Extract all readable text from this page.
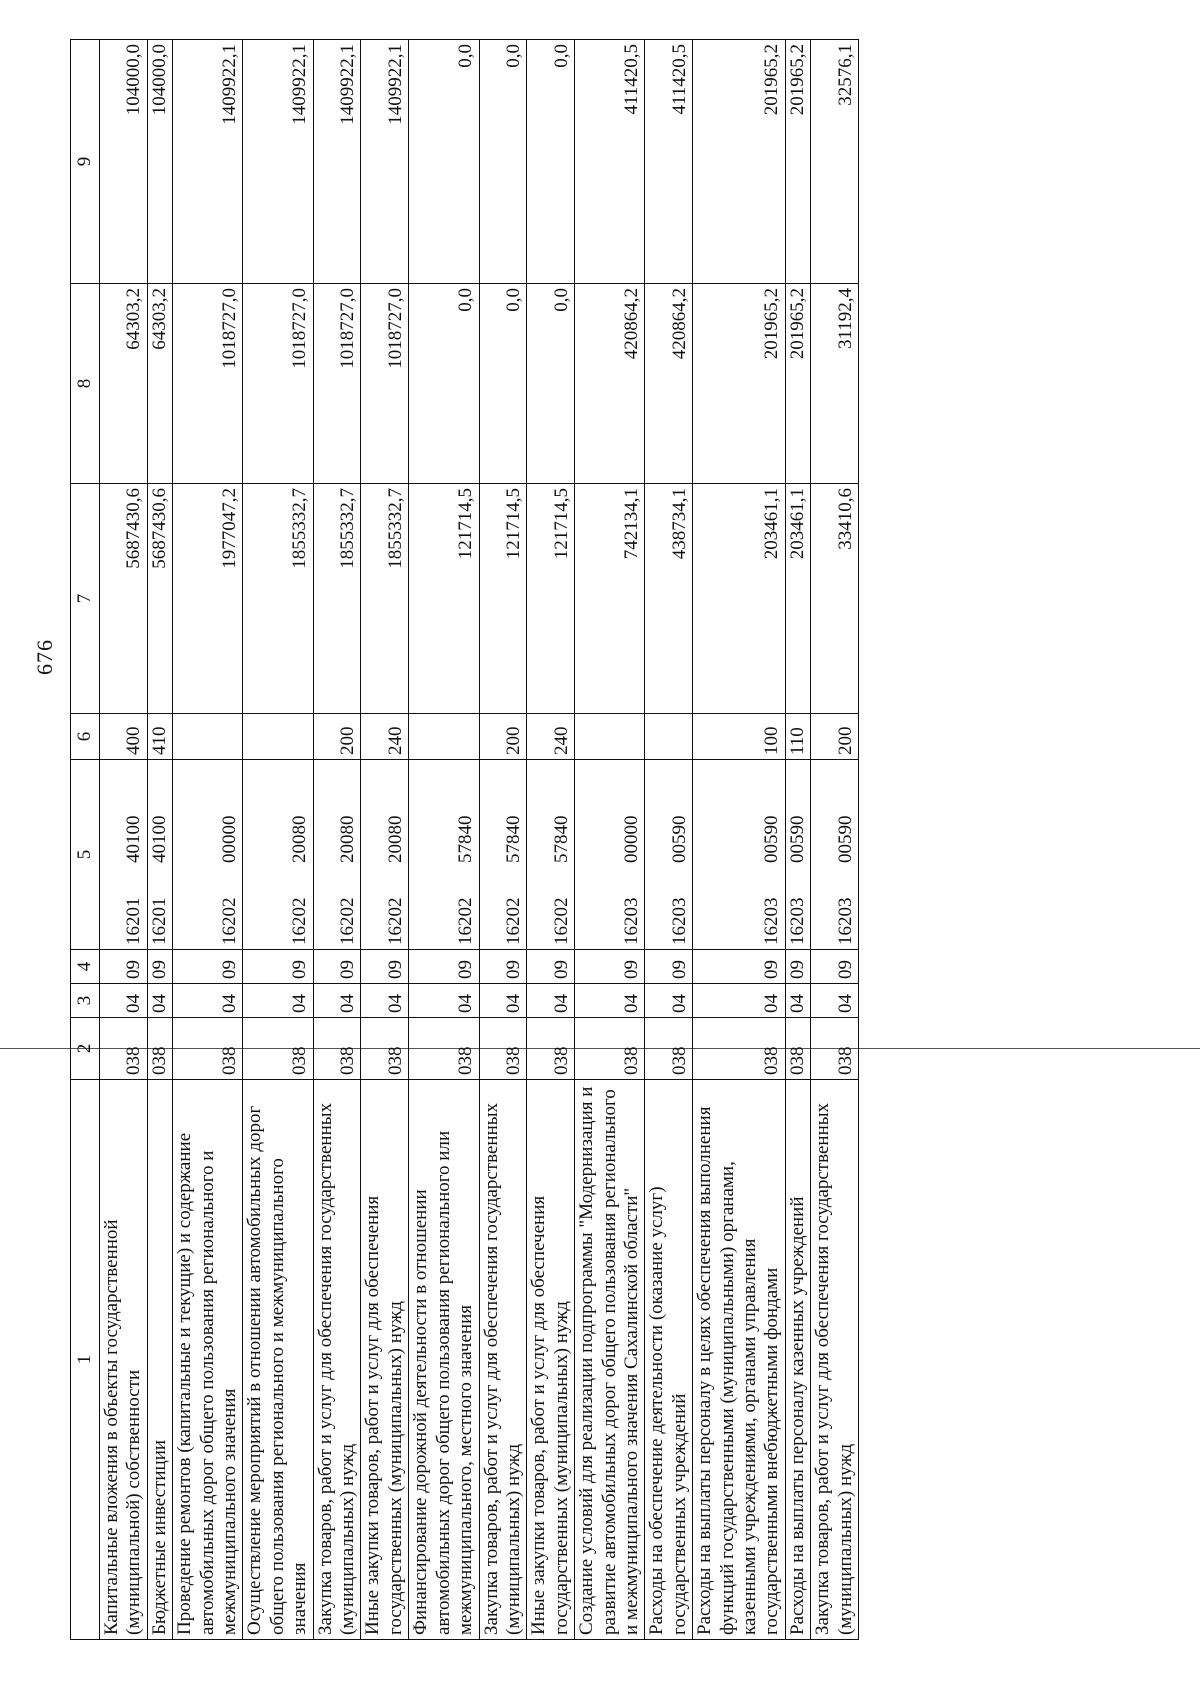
676
1	2	3	4	5	6	7	8	9
Капитальные вложения в объекты государственной (муниципальной) собственности	038	04	09	1620140100	400	5687430,6	64303,2	104000,0
Бюджетные инвестиции	038	04	09	1620140100	410	5687430,6	64303,2	104000,0
Проведение ремонтов (капитальные и текущие) и содержание автомобильных дорог общего пользования регионального и межмуниципального значения	038	04	09	1620200000		1977047,2	1018727,0	1409922,1
Осуществление мероприятий в отношении автомобильных дорог общего пользования регионального и межмуниципального значения	038	04	09	1620220080		1855332,7	1018727,0	1409922,1
Закупка товаров, работ и услуг для обеспечения государственных (муниципальных) нужд	038	04	09	1620220080	200	1855332,7	1018727,0	1409922,1
Иные закупки товаров, работ и услуг для обеспечения государственных (муниципальных) нужд	038	04	09	1620220080	240	1855332,7	1018727,0	1409922,1
Финансирование дорожной деятельности в отношении автомобильных дорог общего пользования регионального или межмуниципального, местного значения	038	04	09	1620257840		121714,5	0,0	0,0
Закупка товаров, работ и услуг для обеспечения государственных (муниципальных) нужд	038	04	09	1620257840	200	121714,5	0,0	0,0
Иные закупки товаров, работ и услуг для обеспечения государственных (муниципальных) нужд	038	04	09	1620257840	240	121714,5	0,0	0,0
Создание условий для реализации подпрограммы "Модернизация и развитие автомобильных дорог общего пользования регионального и межмуниципального значения Сахалинской области"	038	04	09	1620300000		742134,1	420864,2	411420,5
Расходы на обеспечение деятельности (оказание услуг) государственных учреждений	038	04	09	1620300590		438734,1	420864,2	411420,5
Расходы на выплаты персоналу в целях обеспечения выполнения функций государственными (муниципальными) органами, казенными учреждениями, органами управления государственными внебюджетными фондами	038	04	09	1620300590	100	203461,1	201965,2	201965,2
Расходы на выплаты персоналу казенных учреждений	038	04	09	1620300590	110	203461,1	201965,2	201965,2
Закупка товаров, работ и услуг для обеспечения государственных (муниципальных) нужд	038	04	09	1620300590	200	33410,6	31192,4	32576,1
